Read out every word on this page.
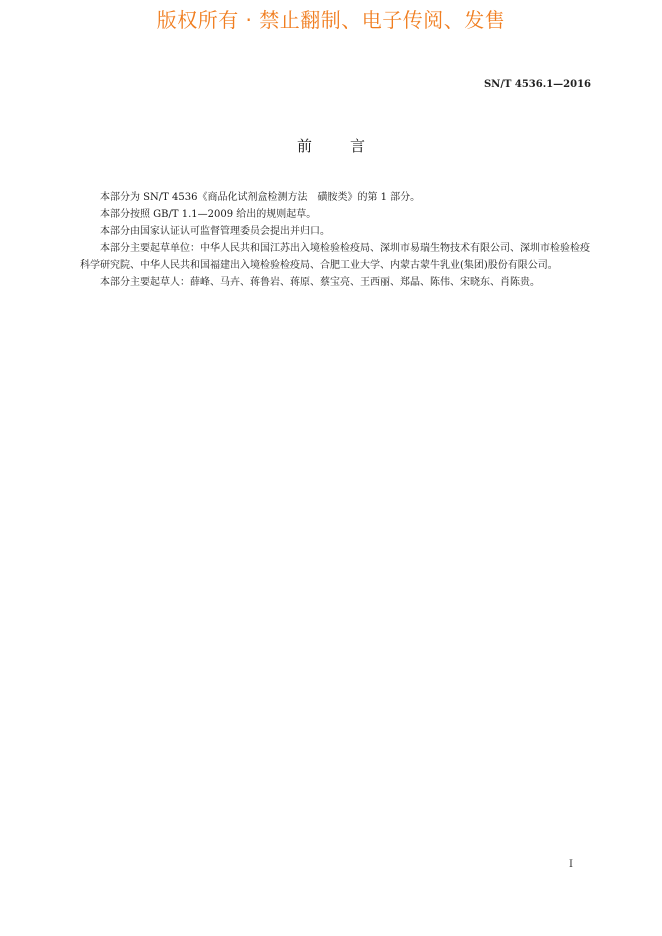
版权所有 · 禁止翻制、电子传阅、发售
SN/T 4536.1—2016
前言

本部分为 SN/T 4536《商品化试剂盒检测方法　磺胺类》的第 1 部分。

本部分按照 GB/T 1.1—2009 给出的规则起草。

本部分由国家认证认可监督管理委员会提出并归口。

本部分主要起草单位：中华人民共和国江苏出入境检验检疫局、深圳市易瑞生物技术有限公司、深圳市检验检疫科学研究院、中华人民共和国福建出入境检验检疫局、合肥工业大学、内蒙古蒙牛乳业(集团)股份有限公司。

本部分主要起草人：薛峰、马卉、蒋鲁岩、蒋原、蔡宝亮、王西丽、郑晶、陈伟、宋晓东、肖陈贵。

I
